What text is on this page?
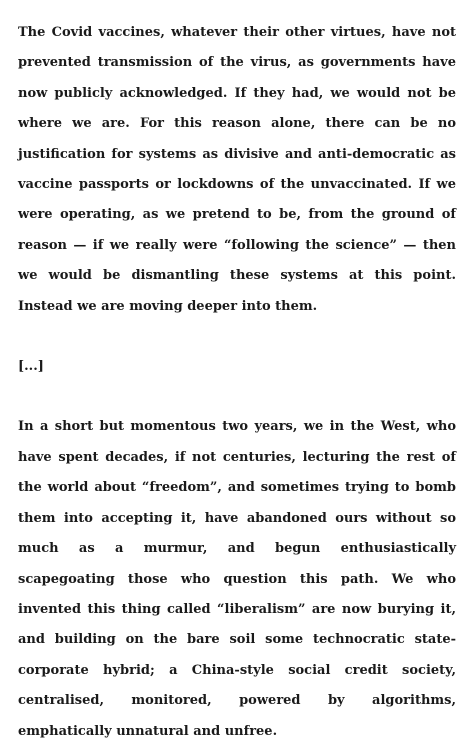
The Covid vaccines, whatever their other virtues, have not prevented transmission of the virus, as governments have now publicly acknowledged. If they had, we would not be where we are. For this reason alone, there can be no justification for systems as divisive and anti-democratic as vaccine passports or lockdowns of the unvaccinated. If we were operating, as we pretend to be, from the ground of reason — if we really were “following the science” — then we would be dismantling these systems at this point. Instead we are moving deeper into them.

[...]

In a short but momentous two years, we in the West, who have spent decades, if not centuries, lecturing the rest of the world about “freedom”, and sometimes trying to bomb them into accepting it, have abandoned ours without so much as a murmur, and begun enthusiastically scapegoating those who question this path. We who invented this thing called “liberalism” are now burying it, and building on the bare soil some technocratic state-corporate hybrid; a China-style social credit society, centralised, monitored, powered by algorithms, emphatically unnatural and unfree.
